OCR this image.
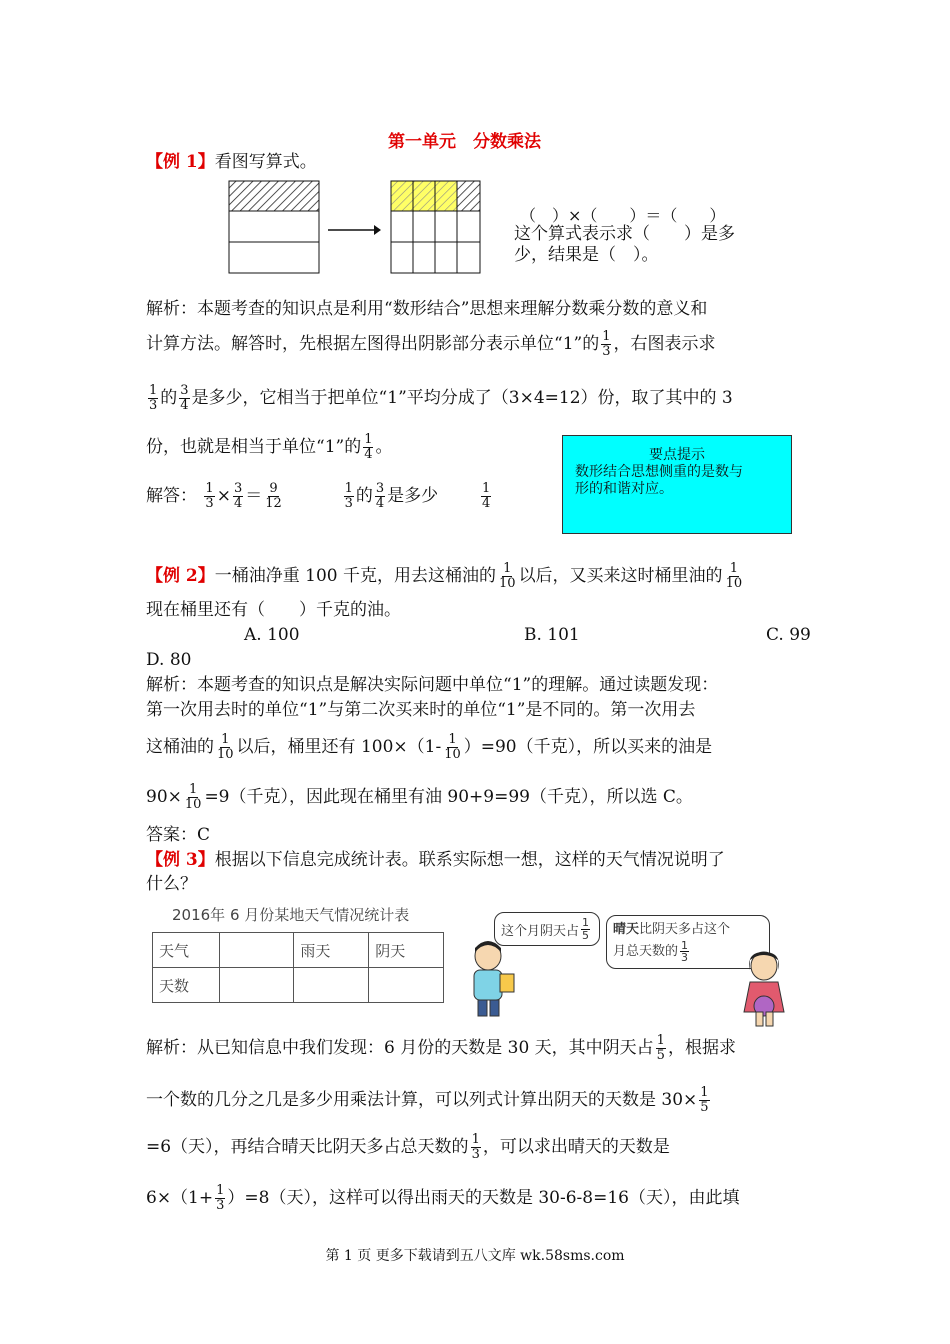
第一单元　分数乘法
【例 1】看图写算式。
（　）×（　　）＝（　　）
这个算式表示求（　　）是多
少，结果是（　）。
解析：本题考查的知识点是利用“数形结合”思想来理解分数乘分数的意义和
计算方法。解答时，先根据左图得出阴影部分表示单位“1”的 $\frac{1}{3}$ ，右图表示求
$\frac{1}{3}$ 的 $\frac{3}{4}$ 是多少，它相当于把单位“1”平均分成了（3×4=12）份，取了其中的 3
份，也就是相当于单位“1”的 $\frac{1}{4}$ 。
解答： $\frac{1}{3} \times \frac{3}{4} = \frac{9}{12}$
	$\frac{1}{3}$ 的 $\frac{3}{4}$ 是多少	$\frac{1}{4}$
要点提示
数形结合思想侧重的是数与
形的和谐对应。
【例 2】一桶油净重 100 千克，用去这桶油的 $\frac{1}{10}$ 以后，又买来这时桶里油的 $\frac{1}{10}$
现在桶里还有（　　）千克的油。
A. 100	B. 101	C. 99
D. 80
解析：本题考查的知识点是解决实际问题中单位“1”的理解。通过读题发现：
第一次用去时的单位“1”与第二次买来时的单位“1”是不同的。第一次用去
这桶油的 $\frac{1}{10}$ 以后，桶里还有 $100\times(1- \frac{1}{10} )=90$（千克），所以买来的油是
$90\times \frac{1}{10} =9$（千克），因此现在桶里有油 90+9=99（千克），所以选 C。
答案：C
【例 3】根据以下信息完成统计表。联系实际想一想，这样的天气情况说明了
什么？
2016年 6 月份某地天气情况统计表
天气		雨天	阴天
天数			
这个月阴天占 $\frac{1}{5}$ 晴天比阴天多占这个
月总天数的 $\frac{1}{3}$
解析：从已知信息中我们发现：6 月份的天数是 30 天，其中阴天占 $\frac{1}{5}$ ，根据求
一个数的几分之几是多少用乘法计算，可以列式计算出阴天的天数是 $30\times \frac{1}{5}$
=6（天），再结合晴天比阴天多占总天数的 $\frac{1}{3}$ ，可以求出晴天的天数是
$6\times(1+ \frac{1}{3} )=8$（天），这样可以得出雨天的天数是 30-6-8=16（天），由此填
第 1 页 更多下载请到五八文库 wk.58sms.com
